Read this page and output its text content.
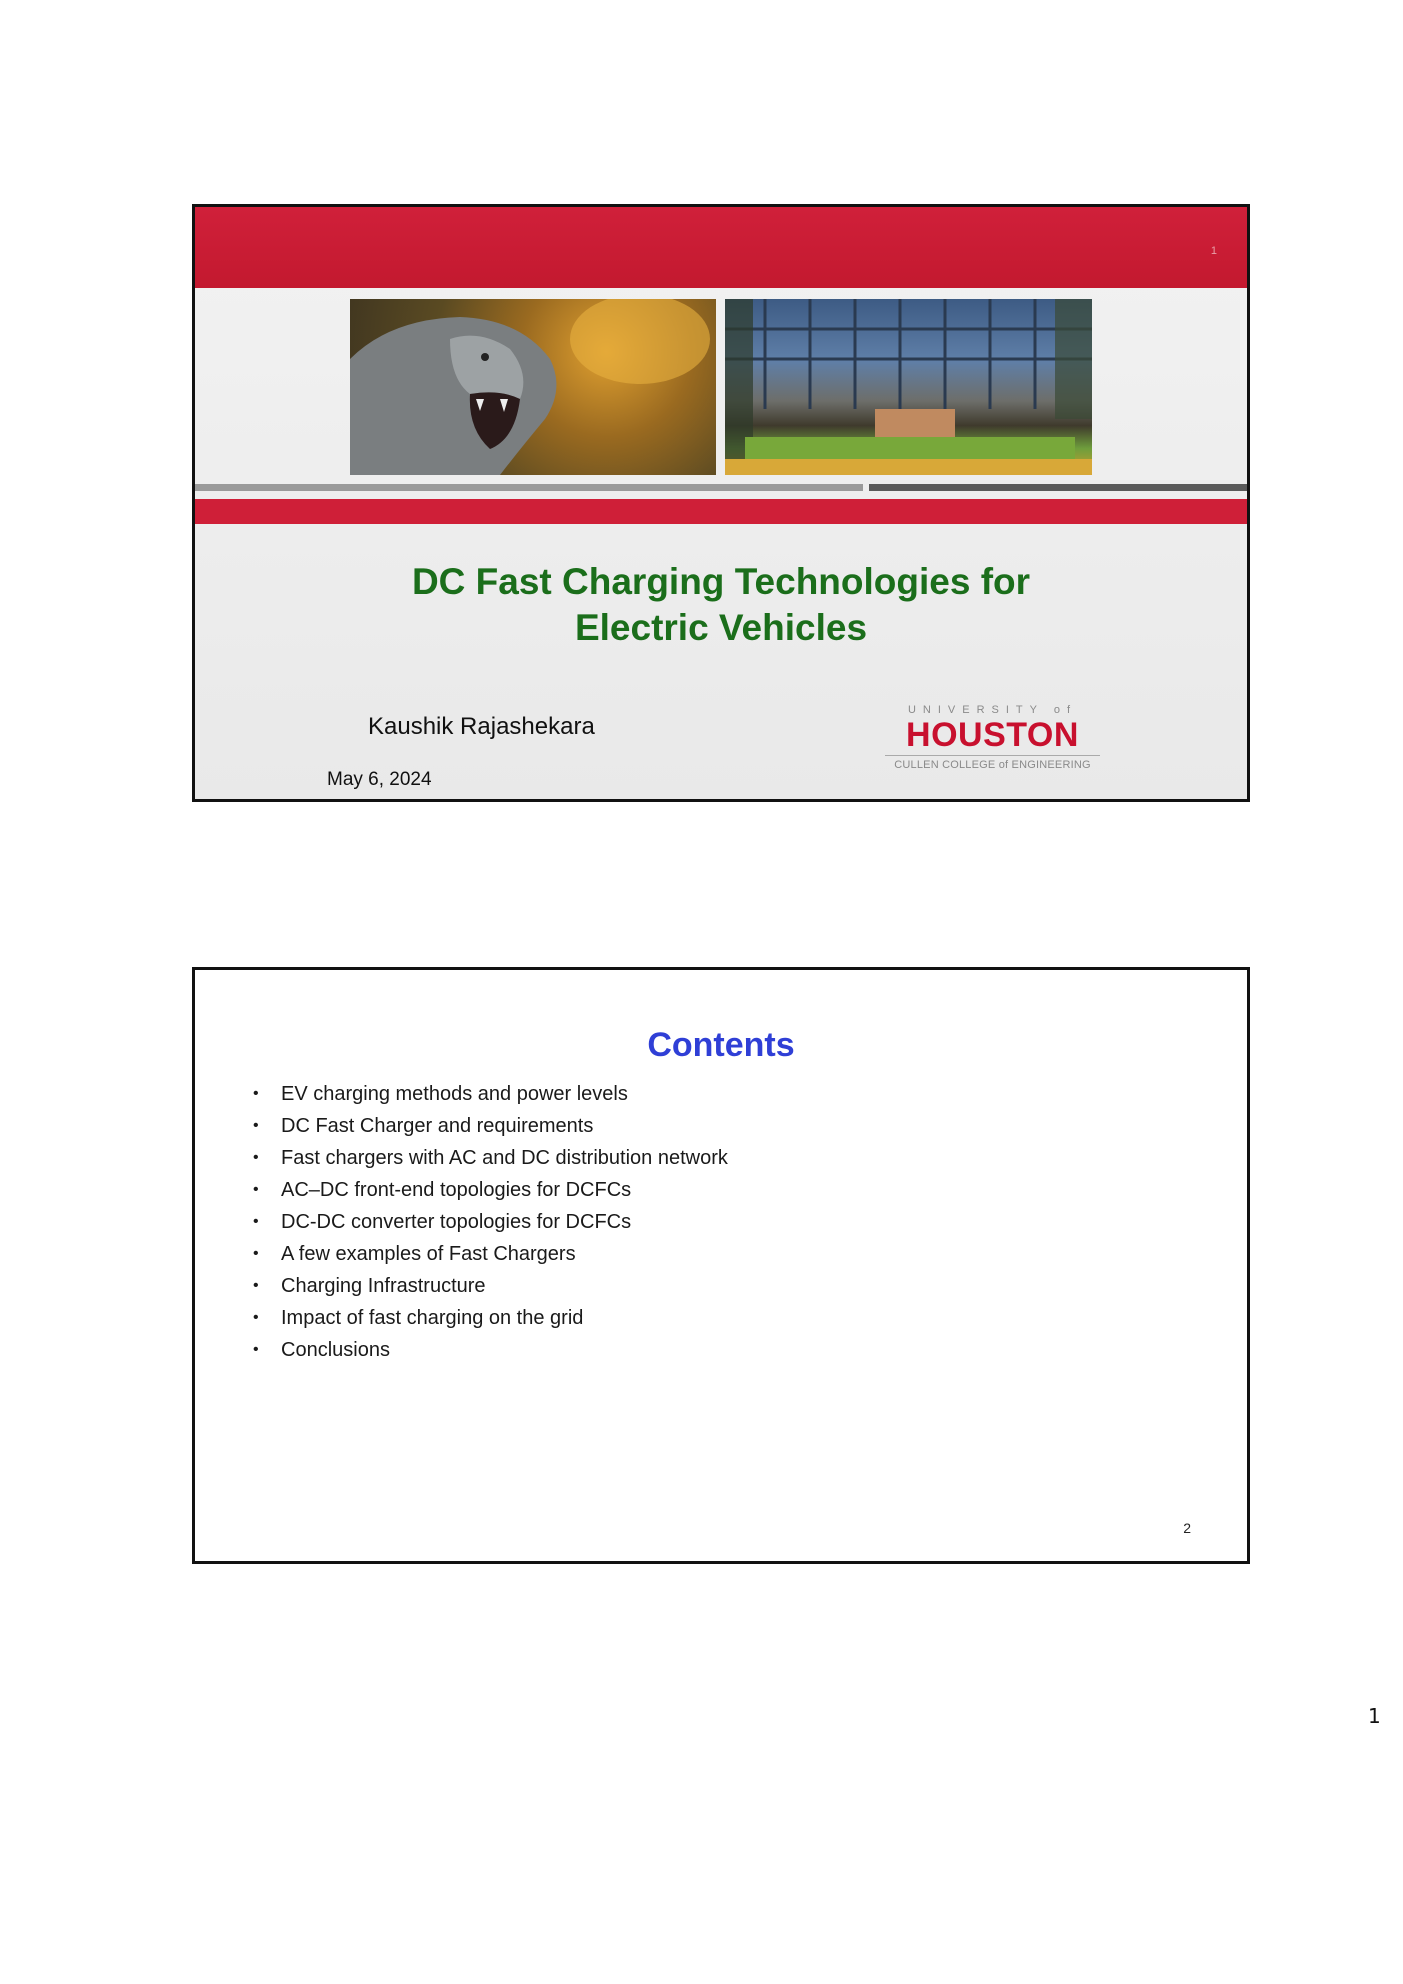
1
DC Fast Charging Technologies for
Electric Vehicles
Kaushik Rajashekara
May 6, 2024
UNIVERSITY of
HOUSTON
CULLEN COLLEGE of ENGINEERING
Contents
•	EV charging methods and power levels
•	DC Fast Charger and requirements
•	Fast chargers with AC and DC distribution network
•	AC–DC front-end topologies for DCFCs
•	DC-DC converter topologies for DCFCs
•	A few examples of Fast Chargers
•	Charging Infrastructure
•	Impact of fast charging on the grid
•	Conclusions
2
1
